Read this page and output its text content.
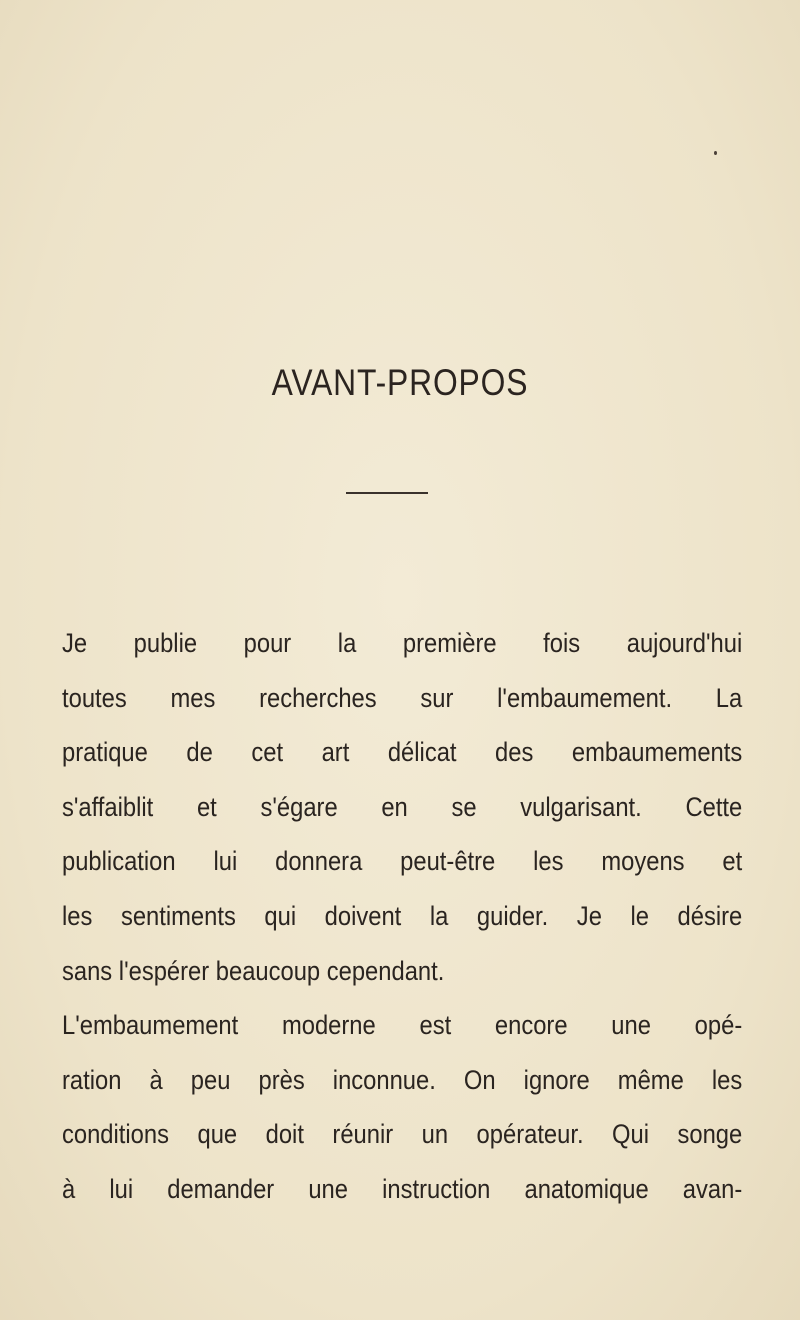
AVANT-PROPOS
Je publie pour la première fois aujourd'hui
toutes mes recherches sur l'embaumement. La
pratique de cet art délicat des embaumements
s'affaiblit et s'égare en se vulgarisant. Cette
publication lui donnera peut-être les moyens et
les sentiments qui doivent la guider. Je le désire
sans l'espérer beaucoup cependant.
L'embaumement moderne est encore une opé-
ration à peu près inconnue. On ignore même les
conditions que doit réunir un opérateur. Qui songe
à lui demander une instruction anatomique avan-
